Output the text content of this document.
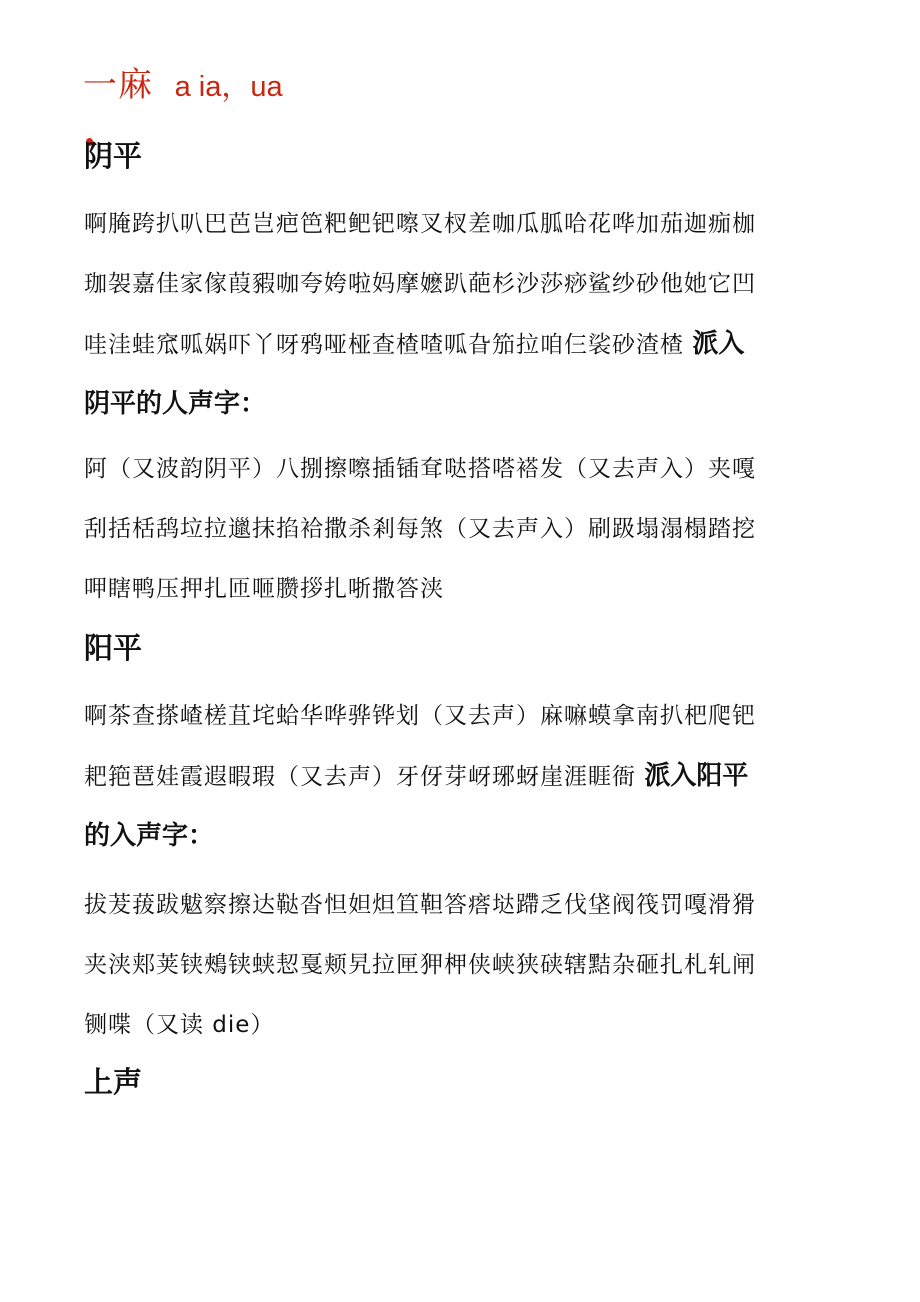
一麻 a ia，ua
阴平
啊腌跨扒叭巴芭岂疤笆粑鲃钯嚓叉杈差咖瓜胍哈花哗加茄迦痂枷
珈袈嘉佳家傢葭豭咖夸姱啦妈摩嬷趴葩杉沙莎痧鲨纱砂他她它凹
哇洼蛙窊呱娲吓丫呀鸦哑桠查楂喳呱旮笳拉咱仨裟砂渣楂 派入
阴平的人声字：
阿（又波韵阴平）八捌擦嚓插锸耷哒搭嗒褡发（又去声入）夹嘎
刮括栝鸹垃拉邋抹掐袷撒杀剎每煞（又去声入）刷趿塌溻榻踏挖
呷瞎鸭压押扎匝咂臜拶扎哳撒答浃
阳平
啊茶查搽嵖槎苴垞蛤华哗骅铧划（又去声）麻嘛蟆拿南扒杷爬钯
耙筢琶娃霞遐暇瑕（又去声）牙伢芽岈琊蚜崖涯睚衙 派入阳平
的入声字：
拔茇菝跋魃察擦达鞑沓怛妲炟笪靼答瘩垯蹛乏伐垡阀筏罚嘎滑猾
夹浃郏荚铗鵊铗蛱恝戛颊旯拉匣狎柙侠峡狭硖辖黠杂砸扎札轧闸
铡喋（又读 die）
上声
